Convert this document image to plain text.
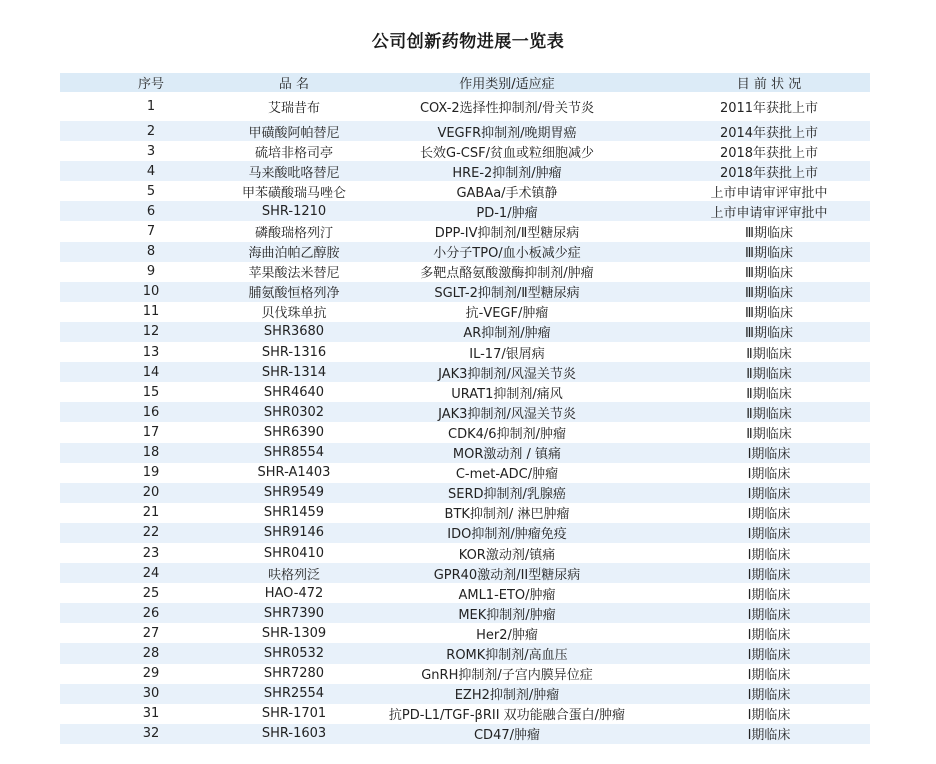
公司创新药物进展一览表
序号	品 名	作用类别/适应症	目 前 状 况
1	艾瑞昔布	COX-2选择性抑制剂/骨关节炎	2011年获批上市
2	甲磺酸阿帕替尼	VEGFR抑制剂/晚期胃癌	2014年获批上市
3	硫培非格司亭	长效G-CSF/贫血或粒细胞减少	2018年获批上市
4	马来酸吡咯替尼	HRE-2抑制剂/肿瘤	2018年获批上市
5	甲苯磺酸瑞马唑仑	GABAa/手术镇静	上市申请审评审批中
6	SHR-1210	PD-1/肿瘤	上市申请审评审批中
7	磷酸瑞格列汀	DPP-IV抑制剂/Ⅱ型糖尿病	Ⅲ期临床
8	海曲泊帕乙醇胺	小分子TPO/血小板减少症	Ⅲ期临床
9	苹果酸法米替尼	多靶点酪氨酸激酶抑制剂/肿瘤	Ⅲ期临床
10	脯氨酸恒格列净	SGLT-2抑制剂/Ⅱ型糖尿病	Ⅲ期临床
11	贝伐珠单抗	抗-VEGF/肿瘤	Ⅲ期临床
12	SHR3680	AR抑制剂/肿瘤	Ⅲ期临床
13	SHR-1316	IL-17/银屑病	Ⅱ期临床
14	SHR-1314	JAK3抑制剂/风湿关节炎	Ⅱ期临床
15	SHR4640	URAT1抑制剂/痛风	Ⅱ期临床
16	SHR0302	JAK3抑制剂/风湿关节炎	Ⅱ期临床
17	SHR6390	CDK4/6抑制剂/肿瘤	Ⅱ期临床
18	SHR8554	MOR激动剂 / 镇痛	Ⅰ期临床
19	SHR-A1403	C-met-ADC/肿瘤	Ⅰ期临床
20	SHR9549	SERD抑制剂/乳腺癌	Ⅰ期临床
21	SHR1459	BTK抑制剂/ 淋巴肿瘤	Ⅰ期临床
22	SHR9146	IDO抑制剂/肿瘤免疫	Ⅰ期临床
23	SHR0410	KOR激动剂/镇痛	Ⅰ期临床
24	呋格列泛	GPR40激动剂/II型糖尿病	Ⅰ期临床
25	HAO-472	AML1-ETO/肿瘤	Ⅰ期临床
26	SHR7390	MEK抑制剂/肿瘤	Ⅰ期临床
27	SHR-1309	Her2/肿瘤	Ⅰ期临床
28	SHR0532	ROMK抑制剂/高血压	Ⅰ期临床
29	SHR7280	GnRH抑制剂/子宫内膜异位症	Ⅰ期临床
30	SHR2554	EZH2抑制剂/肿瘤	Ⅰ期临床
31	SHR-1701	抗PD-L1/TGF-βRII 双功能融合蛋白/肿瘤	Ⅰ期临床
32	SHR-1603	CD47/肿瘤	Ⅰ期临床
